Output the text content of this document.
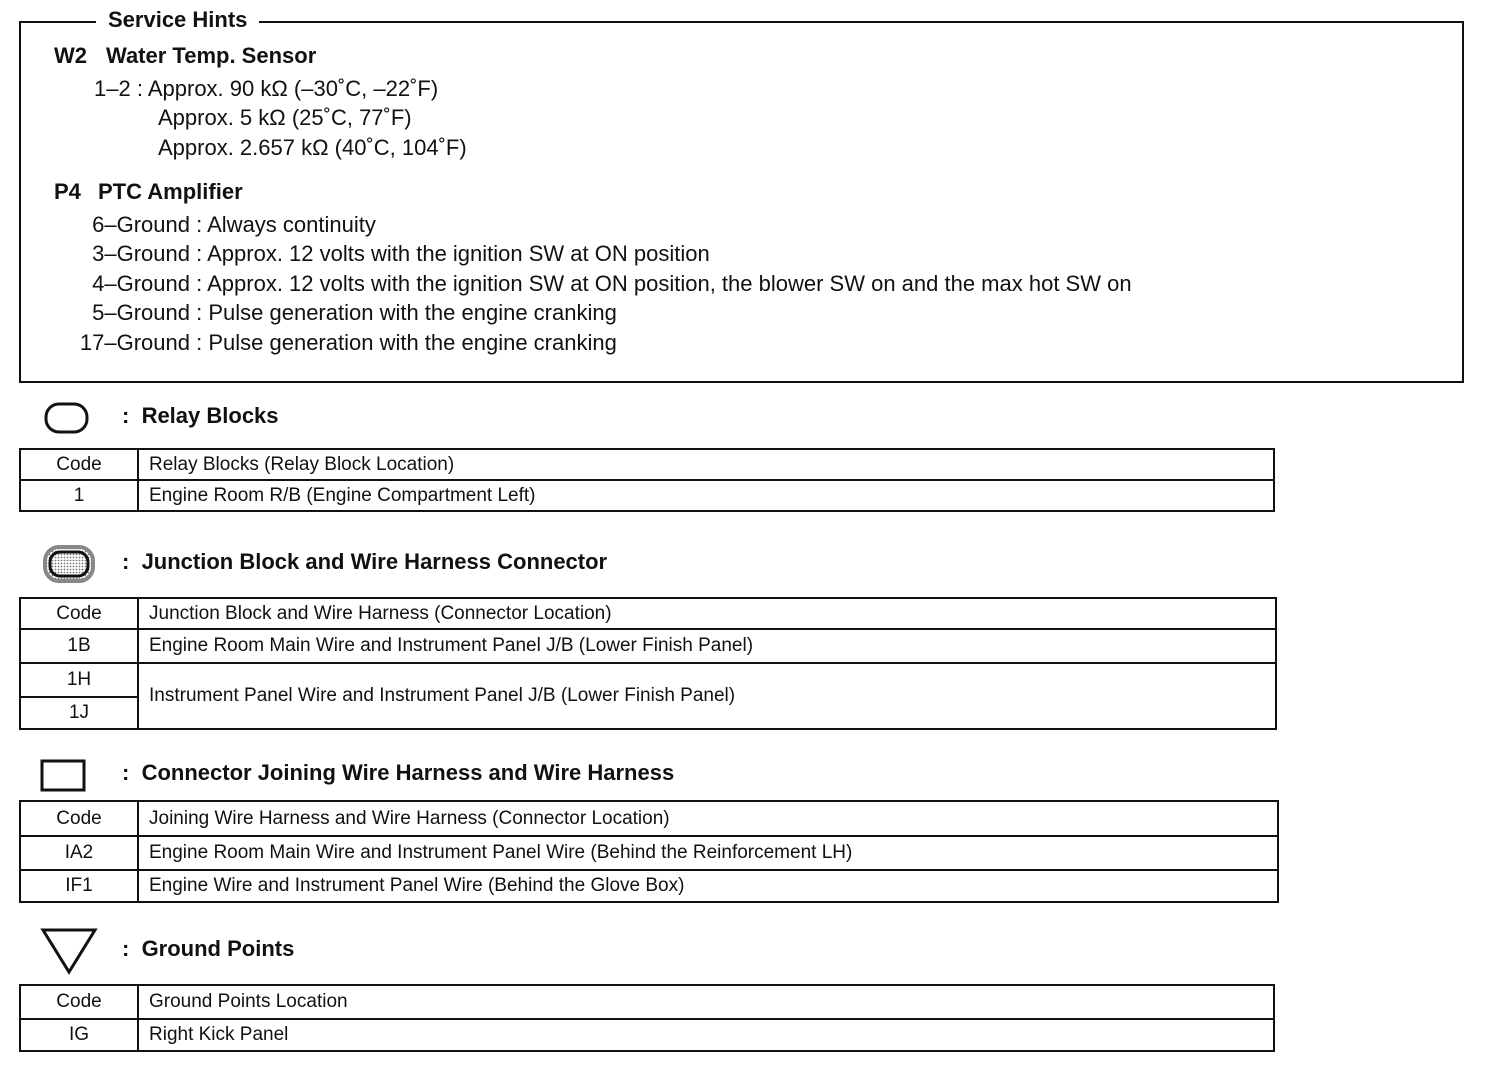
Service Hints
W2 Water Temp. Sensor
1–2 : Approx. 90 kΩ (–30˚C, –22˚F)
Approx. 5 kΩ (25˚C, 77˚F)
Approx. 2.657 kΩ (40˚C, 104˚F)
P4 PTC Amplifier
6–Ground : Always continuity
3–Ground : Approx. 12 volts with the ignition SW at ON position
4–Ground : Approx. 12 volts with the ignition SW at ON position, the blower SW on and the max hot SW on
5–Ground : Pulse generation with the engine cranking
17–Ground : Pulse generation with the engine cranking
: Relay Blocks
Code	Relay Blocks (Relay Block Location)
1	Engine Room R/B (Engine Compartment Left)
: Junction Block and Wire Harness Connector
Code	Junction Block and Wire Harness (Connector Location)
1B	Engine Room Main Wire and Instrument Panel J/B (Lower Finish Panel)
1H	Instrument Panel Wire and Instrument Panel J/B (Lower Finish Panel)
1J	
: Connector Joining Wire Harness and Wire Harness
Code	Joining Wire Harness and Wire Harness (Connector Location)
IA2	Engine Room Main Wire and Instrument Panel Wire (Behind the Reinforcement LH)
IF1	Engine Wire and Instrument Panel Wire (Behind the Glove Box)
: Ground Points
Code	Ground Points Location
IG	Right Kick Panel
